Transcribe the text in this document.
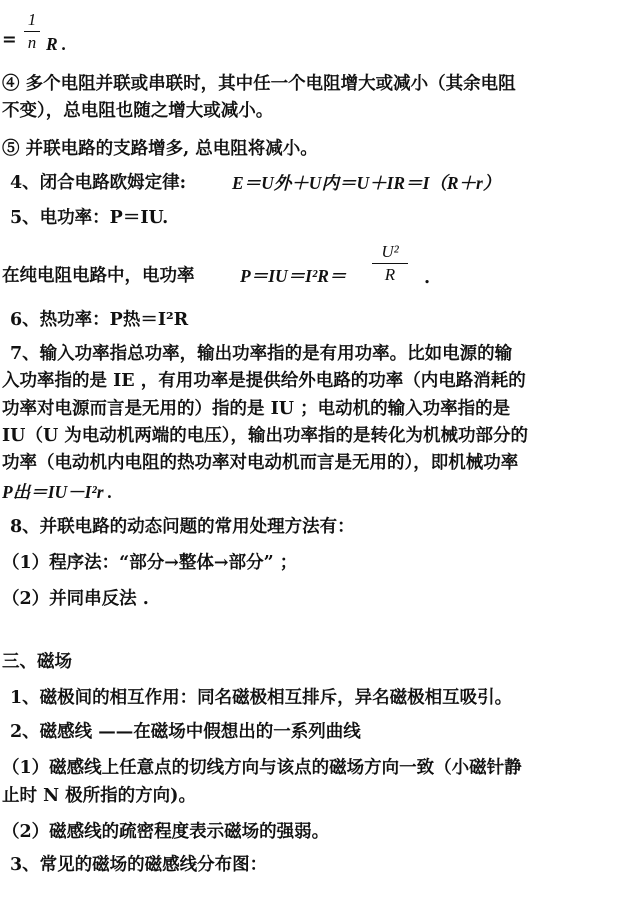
=
1
n R .
④ 多个电阻并联或串联时，其中任一个电阻增大或减小（其余电阻
不变），总电阻也随之增大或减小。
⑤ 并联电路的支路增多, 总电阻将减小。
4、闭合电路欧姆定律:	E＝U外＋U内＝U＋IR＝I（R＋r）
5、电功率：P＝IU.
在纯电阻电路中，电功率	P＝IU＝I²R＝
U²
R	.
6、热功率：P热＝I²R
7、输入功率指总功率，输出功率指的是有用功率。比如电源的输
入功率指的是 IE ，有用功率是提供给外电路的功率（内电路消耗的
功率对电源而言是无用的）指的是 IU ；电动机的输入功率指的是
IU（U 为电动机两端的电压），输出功率指的是转化为机械功部分的
功率（电动机内电阻的热功率对电动机而言是无用的），即机械功率
P出＝IU－I²r .
8、并联电路的动态问题的常用处理方法有：
（1）程序法：“部分→整体→部分” ；
（2）并同串反法 .
三、磁场
1、磁极间的相互作用：同名磁极相互排斥，异名磁极相互吸引。
2、磁感线 ——在磁场中假想出的一系列曲线
（1）磁感线上任意点的切线方向与该点的磁场方向一致（小磁针静
止时 N 极所指的方向)。
（2）磁感线的疏密程度表示磁场的强弱。
3、常见的磁场的磁感线分布图：
